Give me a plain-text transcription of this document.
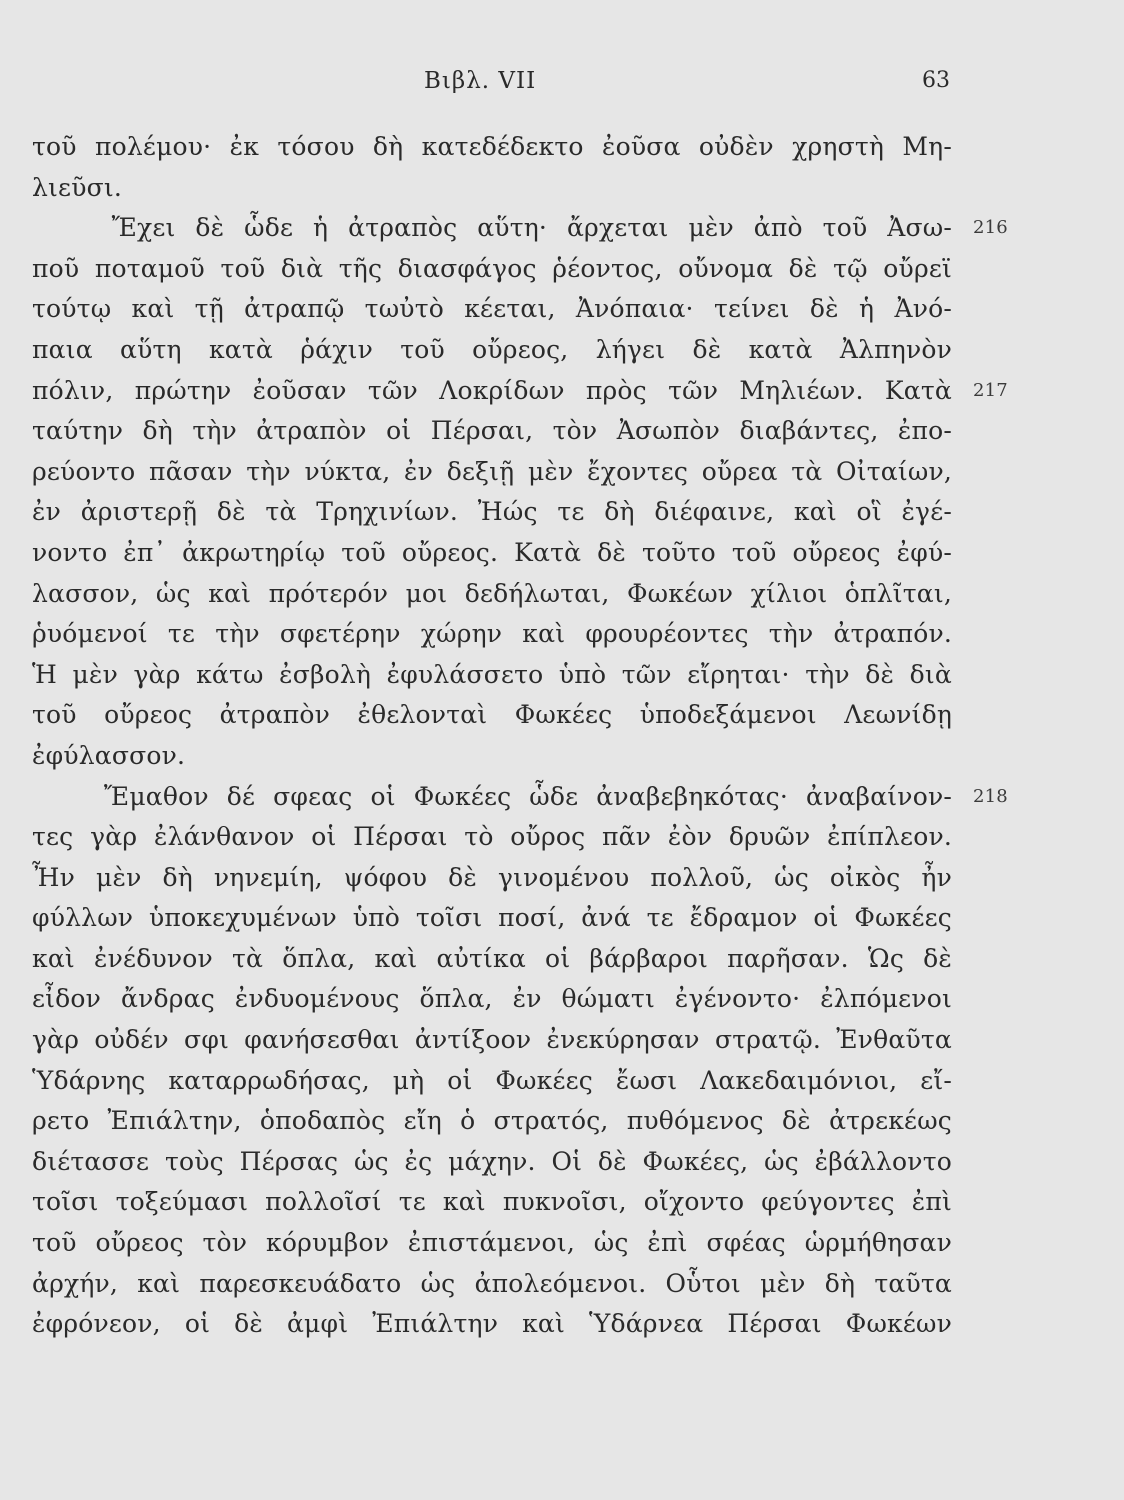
Βιβλ. VII	63
τοῦ πολέμου· ἐκ τόσου δὴ κατεδέδεκτο ἐοῦσα οὐδὲν χρηστὴ Μη-
λιεῦσι.
Ἔχει δὲ ὧδε ἡ ἀτραπὸς αὕτη· ἄρχεται μὲν ἀπὸ τοῦ Ἀσω- 216
ποῦ ποταμοῦ τοῦ διὰ τῆς διασφάγος ῥέοντος, οὔνομα δὲ τῷ οὔρεϊ
τούτῳ καὶ τῇ ἀτραπῷ τωὐτὸ κέεται, Ἀνόπαια· τείνει δὲ ἡ Ἀνό-
παια αὕτη κατὰ ῥάχιν τοῦ οὔρεος, λήγει δὲ κατὰ Ἀλπηνὸν
πόλιν, πρώτην ἐοῦσαν τῶν Λοκρίδων πρὸς τῶν Μηλιέων. Κατὰ 217
ταύτην δὴ τὴν ἀτραπὸν οἱ Πέρσαι, τὸν Ἀσωπὸν διαβάντες, ἐπο-
ρεύοντο πᾶσαν τὴν νύκτα, ἐν δεξιῇ μὲν ἔχοντες οὔρεα τὰ Οἰταίων,
ἐν ἀριστερῇ δὲ τὰ Τρηχινίων. Ἠώς τε δὴ διέφαινε, καὶ οἳ ἐγέ-
νοντο ἐπ᾽ ἀκρωτηρίῳ τοῦ οὔρεος. Κατὰ δὲ τοῦτο τοῦ οὔρεος ἐφύ-
λασσον, ὡς καὶ πρότερόν μοι δεδήλωται, Φωκέων χίλιοι ὁπλῖται,
ῥυόμενοί τε τὴν σφετέρην χώρην καὶ φρουρέοντες τὴν ἀτραπόν.
Ἡ μὲν γὰρ κάτω ἐσβολὴ ἐφυλάσσετο ὑπὸ τῶν εἴρηται· τὴν δὲ διὰ
τοῦ οὔρεος ἀτραπὸν ἐθελονταὶ Φωκέες ὑποδεξάμενοι Λεωνίδῃ
ἐφύλασσον.
Ἔμαθον δέ σφεας οἱ Φωκέες ὧδε ἀναβεβηκότας· ἀναβαίνον- 218
τες γὰρ ἐλάνθανον οἱ Πέρσαι τὸ οὔρος πᾶν ἐὸν δρυῶν ἐπίπλεον.
Ἦν μὲν δὴ νηνεμίη, ψόφου δὲ γινομένου πολλοῦ, ὡς οἰκὸς ἦν
φύλλων ὑποκεχυμένων ὑπὸ τοῖσι ποσί, ἀνά τε ἔδραμον οἱ Φωκέες
καὶ ἐνέδυνον τὰ ὅπλα, καὶ αὐτίκα οἱ βάρβαροι παρῆσαν. Ὡς δὲ
εἶδον ἄνδρας ἐνδυομένους ὅπλα, ἐν θώματι ἐγένοντο· ἐλπόμενοι
γὰρ οὐδέν σφι φανήσεσθαι ἀντίξοον ἐνεκύρησαν στρατῷ. Ἐνθαῦτα
Ὑδάρνης καταρρωδήσας, μὴ οἱ Φωκέες ἔωσι Λακεδαιμόνιοι, εἴ-
ρετο Ἐπιάλτην, ὁποδαπὸς εἴη ὁ στρατός, πυθόμενος δὲ ἀτρεκέως
διέτασσε τοὺς Πέρσας ὡς ἐς μάχην. Οἱ δὲ Φωκέες, ὡς ἐβάλλοντο
τοῖσι τοξεύμασι πολλοῖσί τε καὶ πυκνοῖσι, οἴχοντο φεύγοντες ἐπὶ
τοῦ οὔρεος τὸν κόρυμβον ἐπιστάμενοι, ὡς ἐπὶ σφέας ὡρμήθησαν
ἀρχήν, καὶ παρεσκευάδατο ὡς ἀπολεόμενοι. Οὗτοι μὲν δὴ ταῦτα
ἐφρόνεον, οἱ δὲ ἀμφὶ Ἐπιάλτην καὶ Ὑδάρνεα Πέρσαι Φωκέων
